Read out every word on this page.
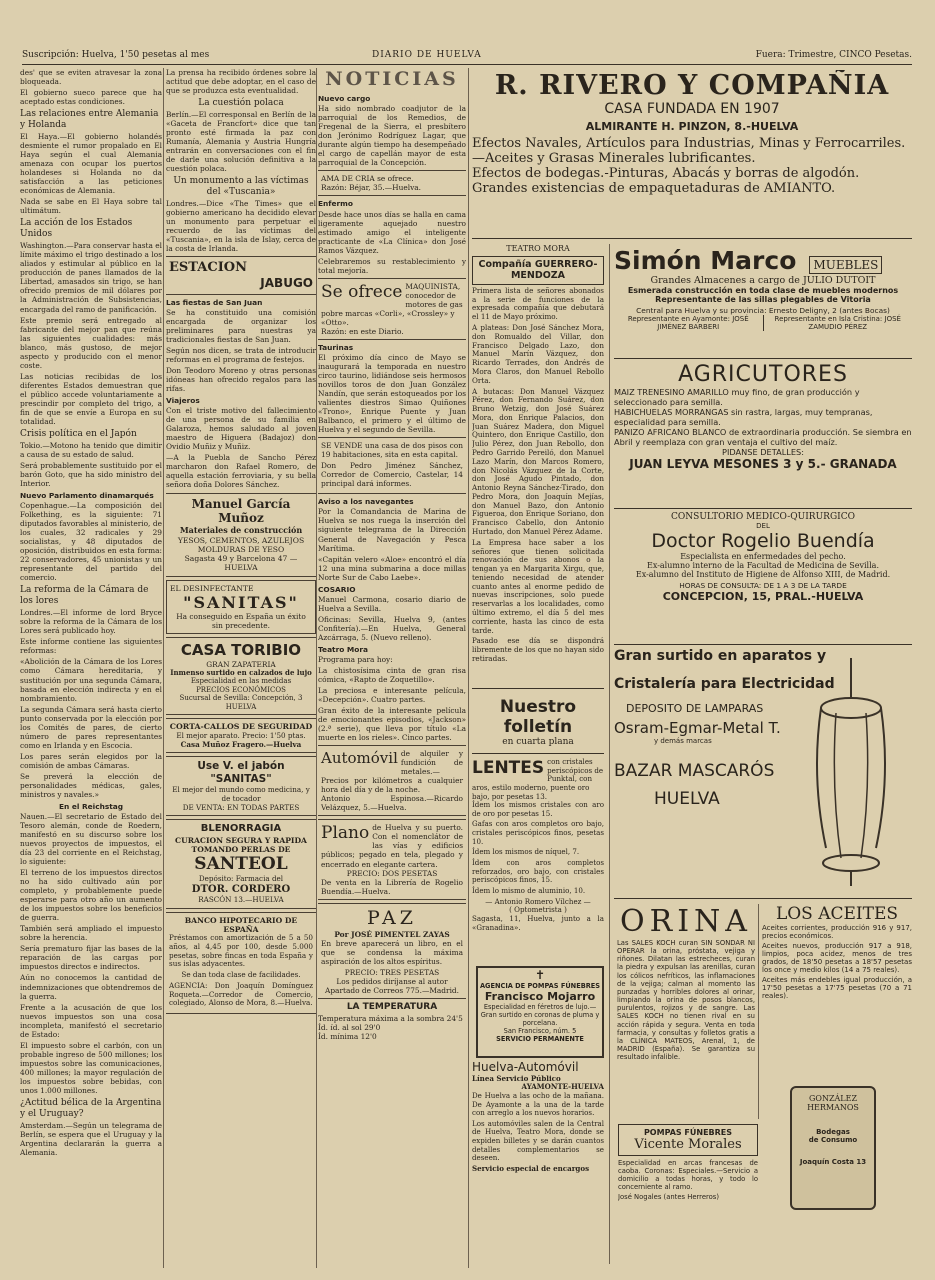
Suscripción: Huelva, 1'50 pesetas al mes	DIARIO DE HUELVA	Fuera: Trimestre, CINCO Pesetas.

des' que se eviten atravesar la zona bloqueada.

El gobierno sueco parece que ha aceptado estas condiciones.

Las relaciones entre Alemania y Holanda

El Haya.—El gobierno holandés desmiente el rumor propalado en El Haya según el cual Alemania amenaza con ocupar los puertos holandeses si Holanda no da satisfacción a las peticiones económicas de Alemania.

Nada se sabe en El Haya sobre tal ultimátum.

La acción de los Estados Unidos

Washington.—Para conservar hasta el límite máximo el trigo destinado a los aliados y estimular al público en la producción de panes llamados de la Libertad, amasados sin trigo, se han ofrecido premios de mil dólares por la Administración de Subsistencias, encargada del ramo de panificación.

Este premio será entregado al fabricante del mejor pan que reúna las siguientes cualidades: más blanco, más gustoso, de mejor aspecto y producido con el menor coste.

Las noticias recibidas de los diferentes Estados demuestran que el público accede voluntariamente a prescindir por completo del trigo, a fin de que se envíe a Europa en su totalidad.

Crisis política en el Japón

Tokio.—Motono ha tenido que dimitir a causa de su estado de salud.

Será probablemente sustituido por el barón Goto, que ha sido ministro del Interior.

Nuevo Parlamento dinamarqués

Copenhague.—La composición del Folkething, es la siguiente: 71 diputados favorables al ministerio, de los cuales, 32 radicales y 29 socialistas, y 48 diputados de oposición, distribuidos en esta forma: 22 conservadores, 45 unionistas y un representante del partido del comercio.

La reforma de la Cámara de los lores

Londres.—El informe de lord Bryce sobre la reforma de la Cámara de los Lores será publicado hoy.

Este informe contiene las siguientes reformas:

«Abolición de la Cámara de los Lores como Cámara hereditaria, y sustitución por una segunda Cámara, basada en elección indirecta y en el nombramiento.

La segunda Cámara será hasta cierto punto conservada por la elección por los Comités de pares, de cierto número de pares representantes como en Irlanda y en Escocia.

Los pares serán elegidos por la comisión de ambas Cámaras.

Se preverá la elección de personalidades médicas, gales, ministros y navales.»

En el Reichstag

Nauen.—El secretario de Estado del Tesoro alemán, conde de Roedern, manifestó en su discurso sobre los nuevos proyectos de impuestos, el día 23 del corriente en el Reichstag, lo siguiente:

El terreno de los impuestos directos no ha sido cultivado aún por completo, y probablemente puede esperarse para otro año un aumento de los impuestos sobre los beneficios de guerra.

También será ampliado el impuesto sobre la herencia.

Sería prematuro fijar las bases de la reparación de las cargas por impuestos directos e indirectos.

Aún no conocemos la cantidad de indemnizaciones que obtendremos de la guerra.

Frente a la acusación de que los nuevos impuestos son una cosa incompleta, manifestó el secretario de Estado:

El impuesto sobre el carbón, con un probable ingreso de 500 millones; los impuestos sobre las comunicaciones, 400 millones; la mayor regulación de los impuestos sobre bebidas, con unos 1.000 millones.

¿Actitud bélica de la Argentina y el Uruguay?

Amsterdam.—Según un telegrama de Berlín, se espera que el Uruguay y la Argentina declararán la guerra a Alemania.

La prensa ha recibido órdenes sobre la actitud que debe adoptar, en el caso de que se produzca esta eventualidad.

La cuestión polaca

Berlín.—El corresponsal en Berlín de la «Gaceta de Francfort» dice que tan pronto esté firmada la paz con Rumanía, Alemania y Austria Hungría entrarán en conversaciones con el fin de darle una solución definitiva a la cuestión polaca.

Un monumento a las víctimas del «Tuscania»

Londres.—Dice «The Times» que el gobierno americano ha decidido elevar un monumento para perpetuar el recuerdo de las víctimas del «Tuscania», en la isla de Islay, cerca de la costa de Irlanda.

ESTACION
JABUGO
Las fiestas de San Juan

Se ha constituido una comisión encargada de organizar los preliminares para nuestras ya tradicionales fiestas de San Juan.

Según nos dicen, se trata de introducir reformas en el programa de festejos.

Don Teodoro Moreno y otras personas idóneas han ofrecido regalos para las rifas.

Viajeros

Con el triste motivo del fallecimiento de una persona de su familia en Galaroza, hemos saludado al joven maestro de Higuera (Badajoz) don Ovidio Muñiz y Muñiz.

—A la Puebla de Sancho Pérez marcharon don Rafael Romero, de aquella estación ferroviaria, y su bella señora doña Dolores Sánchez.

Manuel García Muñoz
Materiales de construcción
YESOS, CEMENTOS, AZULEJOS
MOLDURAS DE YESO
Sagasta 49 y Barcelona 47 — HUELVA
EL DESINFECTANTE
"SANITAS"
Ha conseguido en España un éxito sin precedente.
CASA TORIBIO
GRAN ZAPATERIA
Inmenso surtido en calzados de lujo
Especialidad en las medidas
PRECIOS ECONÓMICOS
Sucursal de Sevilla: Concepción, 3
HUELVA
CORTA-CALLOS DE SEGURIDAD
El mejor aparato. Precio: 1'50 ptas.
Casa Muñoz Fragero.—Huelva
Use V. el jabón "SANITAS"
El mejor del mundo como medicina, y de tocador
DE VENTA: EN TODAS PARTES
BLENORRAGIA
CURACION SEGURA Y RAPIDA
TOMANDO PERLAS DE
SANTEOL
Depósito: Farmacia del
DTOR. CORDERO
RASCÓN 13.—HUELVA
BANCO HIPOTECARIO DE ESPAÑA

Préstamos con amortización de 5 a 50 años, al 4,45 por 100, desde 5.000 pesetas, sobre fincas en toda España y sus islas adyacentes.

Se dan toda clase de facilidades.

AGENCIA: Don Joaquín Domínguez Roqueta.—Corredor de Comercio, colegiado, Alonso de Mora, 8.—Huelva.

NOTICIAS
Nuevo cargo

Ha sido nombrado coadjutor de la parroquial de los Remedios, de Fregenal de la Sierra, el presbítero don Jerónimo Rodríguez Lagar, que durante algún tiempo ha desempeñado el cargo de capellán mayor de esta parroquial de la Concepción.

AMA DE CRIA se ofrece.
Razón: Béjar, 35.—Huelva.
Enfermo

Desde hace unos días se halla en cama ligeramente aquejado nuestro estimado amigo el inteligente practicante de «La Clínica» don José Ramos Vázquez.

Celebraremos su restablecimiento y total mejoría.

Se ofrece MAQUINISTA, conocedor de motores de gas pobre marcas «Corli», «Crossley» y «Otto».
Razón: en este Diario.
Taurinas

El próximo día cinco de Mayo se inaugurará la temporada en nuestro circo taurino, lidiándose seis hermosos novillos toros de don Juan González Nandín, que serán estoqueados por los valientes diestros Simao Quiñones «Trono», Enrique Puente y Juan Balbanco, el primero y el último de Huelva y el segundo de Sevilla.

SE VENDE una casa de dos pisos con 19 habitaciones, sita en esta capital.

Don Pedro Jiménez Sánchez, Corredor de Comercio, Castelar, 14 principal dará informes.

Aviso a los navegantes

Por la Comandancia de Marina de Huelva se nos ruega la inserción del siguiente telegrama de la Dirección General de Navegación y Pesca Marítima.

«Capitán velero «Aloe» encontró el día 12 una mina submarina a doce millas Norte Sur de Cabo Laebe».

COSARIO

Manuel Carmona, cosario diario de Huelva a Sevilla.

Oficinas: Sevilla, Huelva 9, (antes Confitería).—En Huelva, General Azcárraga, 5. (Nuevo relleno).

Teatro Mora

Programa para hoy:

La chistosísima cinta de gran risa cómica, «Rapto de Zoquetillo».

La preciosa e interesante película, «Decepción». Cuatro partes.

Gran éxito de la interesante película de emocionantes episodios, «Jackson» (2.ª serie), que lleva por título «La muerte en los rieles». Cinco partes.

Automóvil de alquiler y fundición de metales.—Precios por kilómetros a cualquier hora del día y de la noche.
Antonio Espinosa.—Ricardo Velázquez, 5.—Huelva.
Plano de Huelva y su puerto. Con el nomenclátor de las vías y edificios públicos; pegado en tela, plegado y encerrado en elegante cartera.
PRECIO: DOS PESETAS
De venta en la Librería de Rogelio Buendía.—Huelva.
PAZ
Por JOSÉ PIMENTEL ZAYAS

En breve aparecerá un libro, en el que se condensa la máxima aspiración de los altos espíritus.

PRECIO: TRES PESETAS
Los pedidos diríjanse al autor
Apartado de Correos 775.—Madrid.
LA TEMPERATURA
Temperatura máxima a la sombra 24'5
Íd. íd. al sol 29'0
Íd. mínima 12'0
R. RIVERO Y COMPAÑIA
CASA FUNDADA EN 1907
ALMIRANTE H. PINZON, 8.-HUELVA
Efectos Navales, Artículos para Industrias, Minas y Ferrocarriles.—Aceites y Grasas Minerales lubrificantes.
Efectos de bodegas.-Pinturas, Abacás y borras de algodón.
Grandes existencias de empaquetaduras de AMIANTO.
TEATRO MORA
Compañía GUERRERO-MENDOZA

Primera lista de señores abonados a la serie de funciones de la expresada compañía que debutará el 11 de Mayo próximo.

A plateas: Don José Sánchez Mora, don Romualdo del Villar, don Francisco Delgado Lazo, don Manuel Marín Vázquez, don Ricardo Terrades, don Andrés de Mora Claros, don Manuel Rebollo Orta.

A butacas: Don Manuel Vázquez Pérez, don Fernando Suárez, don Bruno Wetzig, don José Suárez Mora, don Enrique Palacios, don Juan Suárez Madera, don Miguel Quintero, don Enrique Castillo, don Julio Pérez, don Juan Rebollo, don Pedro Garrido Pereiló, don Manuel Lazo Marín, don Marcos Romero, don Nicolás Vázquez de la Corte, don José Agudo Pintado, don Antonio Reyna Sánchez-Tirado, don Pedro Mora, don Joaquín Mejías, don Manuel Bazo, don Antonio Figueroa, don Enrique Soriano, don Francisco Cabello, don Antonio Hurtado, don Manuel Pérez Adame.

La Empresa hace saber a los señores que tienen solicitada renovación de sus abonos o la tengan ya en Margarita Xirgu, que, teniendo necesidad de atender cuanto antes al enorme pedido de nuevas inscripciones, solo puede reservarlas a los localidades, como último extremo, el día 5 del mes corriente, hasta las cinco de esta tarde.

Pasado ese día se dispondrá libremente de los que no hayan sido retiradas.

Nuestro folletín
en cuarta plana
LENTES con cristales periscópicos de Punktal, con aros, estilo moderno, puente oro bajo, por pesetas 13.

Ídem los mismos cristales con aro de oro por pesetas 15.

Gafas con aros completos oro bajo, cristales periscópicos finos, pesetas 10.

Ídem los mismos de níquel, 7.

Ídem con aros completos reforzados, oro bajo, con cristales periscópicos finos, 15.

Ídem lo mismo de aluminio, 10.

— Antonio Romero Vílchez —
( Optometrista )

Sagasta, 11, Huelva, junto a la «Granadina».

✝
AGENCIA DE POMPAS FÚNEBRES
Francisco Mojarro
Especialidad en féretros de lujo.—Gran surtido en coronas de pluma y porcelana.
San Francisco, núm. 5
SERVICIO PERMANENTE
Huelva-Automóvil
Línea Servicio Público
AYAMONTE-HUELVA

De Huelva a las ocho de la mañana. De Ayamonte a la una de la tarde con arreglo a los nuevos horarios.

Los automóviles salen de la Central de Huelva, Teatro Mora, donde se expiden billetes y se darán cuantos detalles complementarios se deseen.

Servicio especial de encargos

Simón Marco MUEBLES
Grandes Almacenes a cargo de JULIO DUTOIT
Esmerada construcción en toda clase de muebles modernos
Representante de las sillas plegables de Vitoria
Central para Huelva y su provincia: Ernesto Deligny, 2 (antes Bocas)
Representante en Ayamonte: JOSÉ JIMÉNEZ BARBERI
Representante en Isla Cristina: JOSÉ ZAMUDIO PÉREZ
AGRICUTORES
MAIZ TRENESINO AMARILLO muy fino, de gran producción y seleccionado para semilla.
HABICHUELAS MORRANGAS sin rastra, largas, muy tempranas, especialidad para semilla.
PANIZO AFRICANO BLANCO de extraordinaria producción. Se siembra en Abril y reemplaza con gran ventaja el cultivo del maíz.
PIDANSE DETALLES:
JUAN LEYVA MESONES 3 y 5.- GRANADA
CONSULTORIO MÉDICO-QUIRÚRGICO
DEL
Doctor Rogelio Buendía
Especialista en enfermedades del pecho.
Ex-alumno interno de la Facultad de Medicina de Sevilla.
Ex-alumno del Instituto de Higiene de Alfonso XIII, de Madrid.
HORAS DE CONSULTA: DE 1 A 3 DE LA TARDE
CONCEPCION, 15, PRAL.-HUELVA
Gran surtido en aparatos y
Cristalería para Electricidad
DEPOSITO DE LAMPARAS
Osram-Egmar-Metal T.
y demás marcas
BAZAR MASCARÓS
HUELVA
ORINA

Las SALES KOCH curan SIN SONDAR NI OPERAR la orina, próstata, vejiga y riñones. Dilatan las estrecheces, curan la piedra y expulsan las arenillas, curan los cólicos nefríticos, las inflamaciones de la vejiga; calman al momento las punzadas y horribles dolores al orinar, limpiando la orina de posos blancos, purulentos, rojizos y de sangre. Las SALES KOCH no tienen rival en su acción rápida y segura. Venta en toda farmacia, y consultas y folletos gratis a la CLÍNICA MATEOS, Arenal, 1, de MADRID (España). Se garantiza su resultado infalible.

LOS ACEITES

Aceites corrientes, producción 916 y 917, precios económicos.

Aceites nuevos, producción 917 a 918, limpios, poca acidez, menos de tres grados, de 18'50 pesetas a 18'57 pesetas los once y medio kilos (14 a 75 reales).

Aceites más endebles igual producción, a 17'50 pesetas a 17'75 pesetas (70 a 71 reales).

GONZÁLEZ HERMANOS
Bodegas
de Consumo
Joaquín Costa 13
POMPAS FÚNEBRES
Vicente Morales

Especialidad en arcas francesas de caoba. Coronas: Especiales.—Servicio a domicilio a todas horas, y todo lo concerniente al ramo.

José Nogales (antes Herreros)
